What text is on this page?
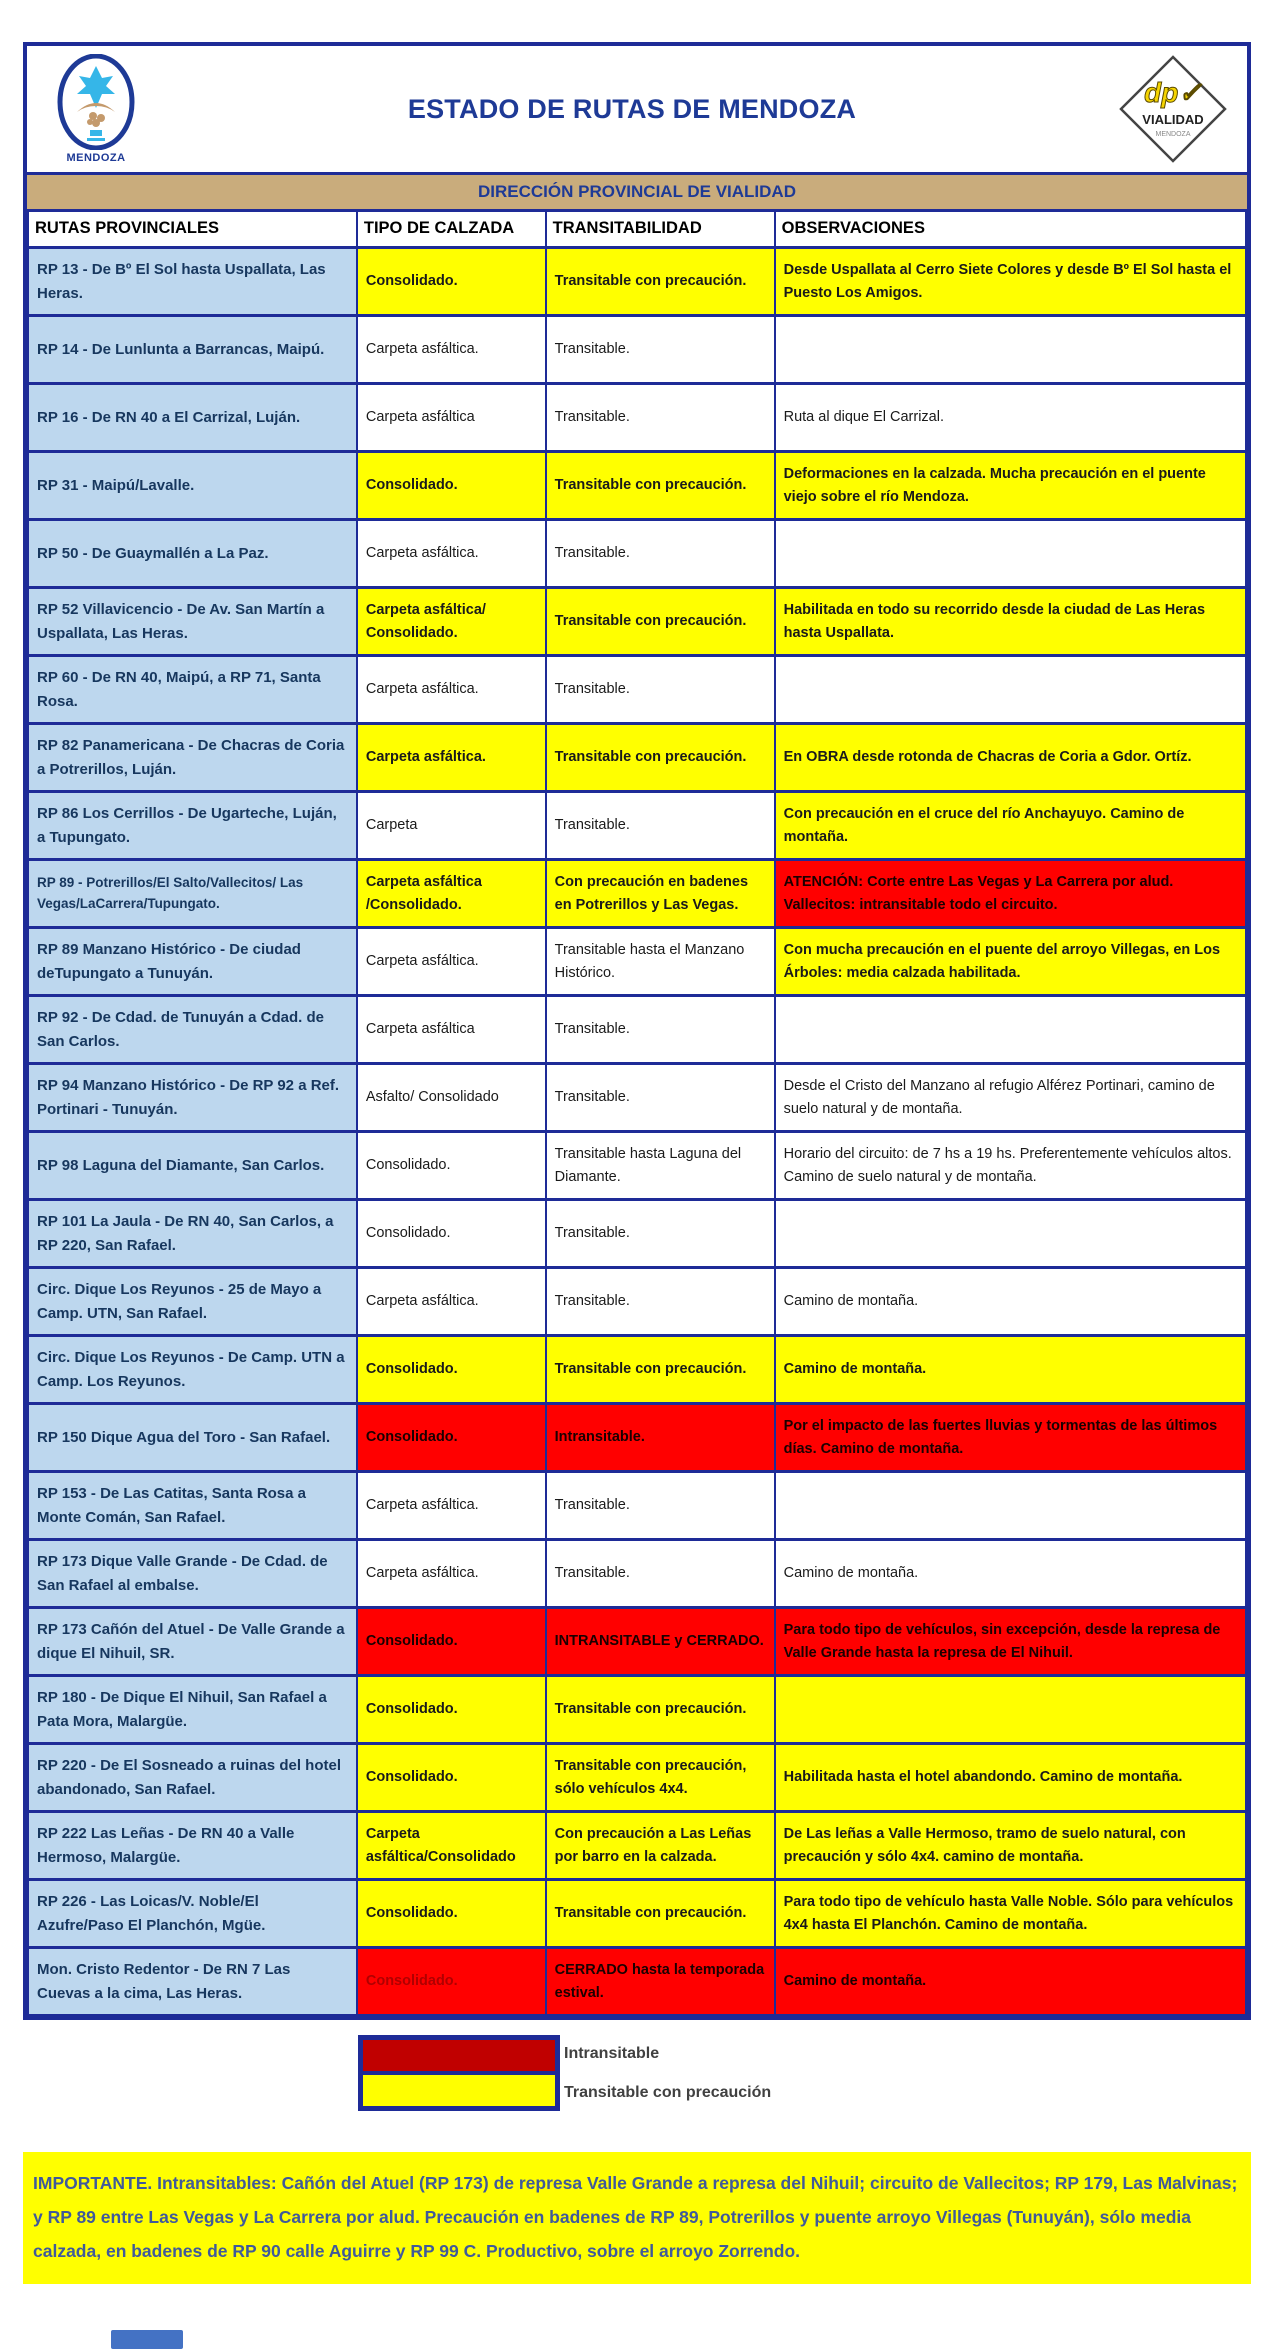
MENDOZA
ESTADO DE RUTAS DE MENDOZA
dp✓
VIALIDAD
MENDOZA
DIRECCIÓN PROVINCIAL DE VIALIDAD
RUTAS PROVINCIALES	TIPO DE CALZADA	TRANSITABILIDAD	OBSERVACIONES
RP 13 - De Bº El Sol hasta Uspallata, Las Heras.	Consolidado.	Transitable con precaución.	Desde Uspallata al Cerro Siete Colores y desde Bº El Sol hasta el Puesto Los Amigos.
RP 14 - De Lunlunta a Barrancas, Maipú.	Carpeta asfáltica.	Transitable.	
RP 16 - De RN 40 a El Carrizal, Luján.	Carpeta asfáltica	Transitable.	Ruta al dique El Carrizal.
RP 31 - Maipú/Lavalle.	Consolidado.	Transitable con precaución.	Deformaciones en la calzada. Mucha precaución en el puente viejo sobre el río Mendoza.
RP 50 - De Guaymallén a La Paz.	Carpeta asfáltica.	Transitable.	
RP 52 Villavicencio - De Av. San Martín a Uspallata, Las Heras.	Carpeta asfáltica/ Consolidado.	Transitable con precaución.	Habilitada en todo su recorrido desde la ciudad de Las Heras hasta Uspallata.
RP 60 - De RN 40, Maipú, a RP 71, Santa Rosa.	Carpeta asfáltica.	Transitable.	
RP 82 Panamericana - De Chacras de Coria a Potrerillos, Luján.	Carpeta asfáltica.	Transitable con precaución.	En OBRA desde rotonda de Chacras de Coria a Gdor. Ortíz.
RP 86 Los Cerrillos - De Ugarteche, Luján, a Tupungato.	Carpeta	Transitable.	Con precaución en el cruce del río Anchayuyo. Camino de montaña.
RP 89 - Potrerillos/El Salto/Vallecitos/ Las Vegas/LaCarrera/Tupungato.	Carpeta asfáltica /Consolidado.	Con precaución en badenes en Potrerillos y Las Vegas.	ATENCIÓN: Corte entre Las Vegas y La Carrera por alud. Vallecitos: intransitable todo el circuito.
RP 89 Manzano Histórico - De ciudad deTupungato a Tunuyán.	Carpeta asfáltica.	Transitable hasta el Manzano Histórico.	Con mucha precaución en el puente del arroyo Villegas, en Los Árboles: media calzada habilitada.
RP 92 - De Cdad. de Tunuyán a Cdad. de San Carlos.	Carpeta asfáltica	Transitable.	
RP 94 Manzano Histórico - De RP 92 a Ref. Portinari - Tunuyán.	Asfalto/ Consolidado	Transitable.	Desde el Cristo del Manzano al refugio Alférez Portinari, camino de suelo natural y de montaña.
RP 98 Laguna del Diamante, San Carlos.	Consolidado.	Transitable hasta Laguna del Diamante.	Horario del circuito: de 7 hs a 19 hs. Preferentemente vehículos altos. Camino de suelo natural y de montaña.
RP 101 La Jaula - De RN 40, San Carlos, a RP 220, San Rafael.	Consolidado.	Transitable.	
Circ. Dique Los Reyunos - 25 de Mayo a Camp. UTN, San Rafael.	Carpeta asfáltica.	Transitable.	Camino de montaña.
Circ. Dique Los Reyunos - De Camp. UTN a Camp. Los Reyunos.	Consolidado.	Transitable con precaución.	Camino de montaña.
RP 150 Dique Agua del Toro - San Rafael.	Consolidado.	Intransitable.	Por el impacto de las fuertes lluvias y tormentas de las últimos días. Camino de montaña.
RP 153 - De Las Catitas, Santa Rosa a Monte Comán, San Rafael.	Carpeta asfáltica.	Transitable.	
RP 173 Dique Valle Grande - De Cdad. de San Rafael al embalse.	Carpeta asfáltica.	Transitable.	Camino de montaña.
RP 173 Cañón del Atuel - De Valle Grande a dique El Nihuil, SR.	Consolidado.	INTRANSITABLE y CERRADO.	Para todo tipo de vehículos, sin excepción, desde la represa de Valle Grande hasta la represa de El Nihuil.
RP 180 - De Dique El Nihuil, San Rafael a Pata Mora, Malargüe.	Consolidado.	Transitable con precaución.	
RP 220 - De El Sosneado a ruinas del hotel abandonado, San Rafael.	Consolidado.	Transitable con precaución, sólo vehículos 4x4.	Habilitada hasta el hotel abandondo. Camino de montaña.
RP 222 Las Leñas - De RN 40 a Valle Hermoso, Malargüe.	Carpeta asfáltica/Consolidado	Con precaución a Las Leñas por barro en la calzada.	De Las leñas a Valle Hermoso, tramo de suelo natural, con precaución y sólo 4x4. camino de montaña.
RP 226 - Las Loicas/V. Noble/El Azufre/Paso El Planchón, Mgüe.	Consolidado.	Transitable con precaución.	Para todo tipo de vehículo hasta Valle Noble. Sólo para vehículos 4x4 hasta El Planchón. Camino de montaña.
Mon. Cristo Redentor - De RN 7 Las Cuevas a la cima, Las Heras.	Consolidado.	CERRADO hasta la temporada estival.	Camino de montaña.
Intransitable
Transitable con precaución
IMPORTANTE. Intransitables: Cañón del Atuel (RP 173) de represa Valle Grande a represa del Nihuil; circuito de Vallecitos; RP 179, Las Malvinas; y RP 89 entre Las Vegas y La Carrera por alud. Precaución en badenes de RP 89, Potrerillos y puente arroyo Villegas (Tunuyán), sólo media calzada, en badenes de RP 90 calle Aguirre y RP 99 C. Productivo, sobre el arroyo Zorrendo.
